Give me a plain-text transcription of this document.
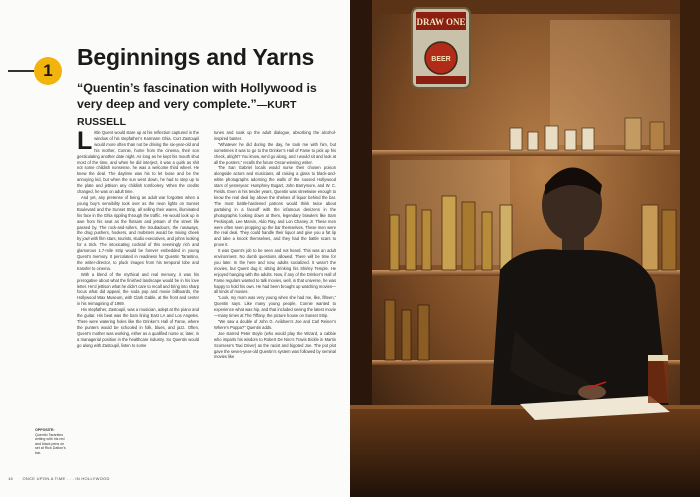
1
Beginnings and Yarns
“Quentin’s fascination with Hollywood is very deep and very complete.”—KURT RUSSELL

Little Quent would stare up at his reflection captured in the window of his stepfather’s Karmann Ghia. Curt Zastoupil would more often than not be driving the six-year-old and his mother, Connie, home from the cinema, their son gesticulating another date night. As long as he kept his mouth shut most of the time, and when he did interject, it was a quirk as shit not some childish nonsense, he was a welcome third wheel. He knew the deal. The daytime was his to let loose and be the annoying kid, but when the sun went down, he had to step up to the plate and jettison any childish tomfoolery. When the credits changed, he was on adult time.

And yet, any pretense of being an adult war forgotten when a young boy’s sensibility took over as the neon lights on Sunset Boulevard and the Sunset Strip, all selling their wares, illuminated his face in the Ghia rippling through the traffic. He would look up in awe from his seat as the flotsam and jetsam of the street life passed by. The rock-and-rollers, the troubadours, the runaways, the drug pushers, hookers, and mobsters would be mixing cheek by jowl with film stars, tourists, studio executives, and johns looking for a trick. The intoxicating cocktail of this seemingly rich and glamorous 1.7-mile strip would be forever embedded in young Quent’s memory. It percolated in readiness for Quentin Tarantino, the writer-director, to pluck images from his temporal lobe and transfer to cinema.

With a blend of the mythical and real memory, it was his prerogative about what the finished landscape would be in his love letter. He’d jettison what he didn’t care to recall and bring into sharp focus what did appeal, the soda pop and movie billboards, the Hollywood Wax Museum, with Clark Gable, at the front and center in his reimagining of 1969.

His stepfather, Zastoupil, was a musician, adept at the piano and the guitar. His beat was the bars lining East LA and Los Angeles. There were watering holes like the Drinker’s Hall of Fame, where the punters would be schooled in folk, blues, and jazz. Often, Quent’s mother was working, either as a qualified nurse or, later, in a managerial position in the healthcare industry. So Quentin would go along with Zastoupil, listen to some

tunes and soak up the adult dialogue, absorbing the alcohol-inspired banter.

“Whatever he did during the day, he took me with him, but sometimes it was to go to the Drinker’s Hall of Fame to pick up his check, alright? You know, we’d go along, and I would sit and look at all the posters,” recalls the future Oscar-winning writer.

The San Gabriel locals would nurse their chosen poison alongside actors and musicians, all raising a glass to black-and-white photographs adorning the walls of the soused Hollywood stars of yesteryear: Humphrey Bogart, John Barrymore, and W. C. Fields. Even in his tender years, Quentin was streetwise enough to know the real deal lay above the shelves of liquor behind the bar. The most battle-hardened patrons would think twice about partaking in a faceoff with the infamous denizens in the photographic looking down at them, legendary brawlers like Sam Peckinpah, Lee Marvin, Aldo Ray, and Lon Chaney Jr. These men were often seen propping up the bar themselves. These men were the real deal. They could handle their liquor and give you a fat lip and take a knock themselves, and they had the battle scars to prove it.

It was Quent’s job to be seen and not heard. This was an adult environment. No dumb questions allowed. There will be time for you later. In the here and now, adults socialized. It wasn’t the movies, but Quent dug it, sitting drinking his Shirley Temple. He enjoyed hanging with the adults. Now, if any of the Drinker’s Hall of Fame regulars wanted to talk movies, well, in that universe, he was happy to hold his own. He had been brought up watching movies—all kinds of movies.

“Look, my mom was very young when she had me, like, fifteen,” Quentin says. Like many young people, Connie wanted to experience what was hip, and that included seeing the latest movie—many times at The Tiffany, the picture house on Sunset Strip.

“We saw a double of John G. Avildsen’s Joe and Carl Reiner’s Where’s Poppa?” Quentin adds.

Joe starred Peter Boyle (who would play the Wizard, a cabbie who imparts his wisdom to Robert De Niro’s Travis Bickle in Martin Scorsese’s Taxi Driver) as the racist and bigoted Joe. The pot plot gave the seven-year-old Quentin’s system was followed by seminal movies like

OPPOSITE: Quentin Tarantino writing with his red and black pens on set at Rick Dalton’s bar.
16 ONCE UPON A TIME . . . IN HOLLYWOOD
DRAW ONE
BEER
